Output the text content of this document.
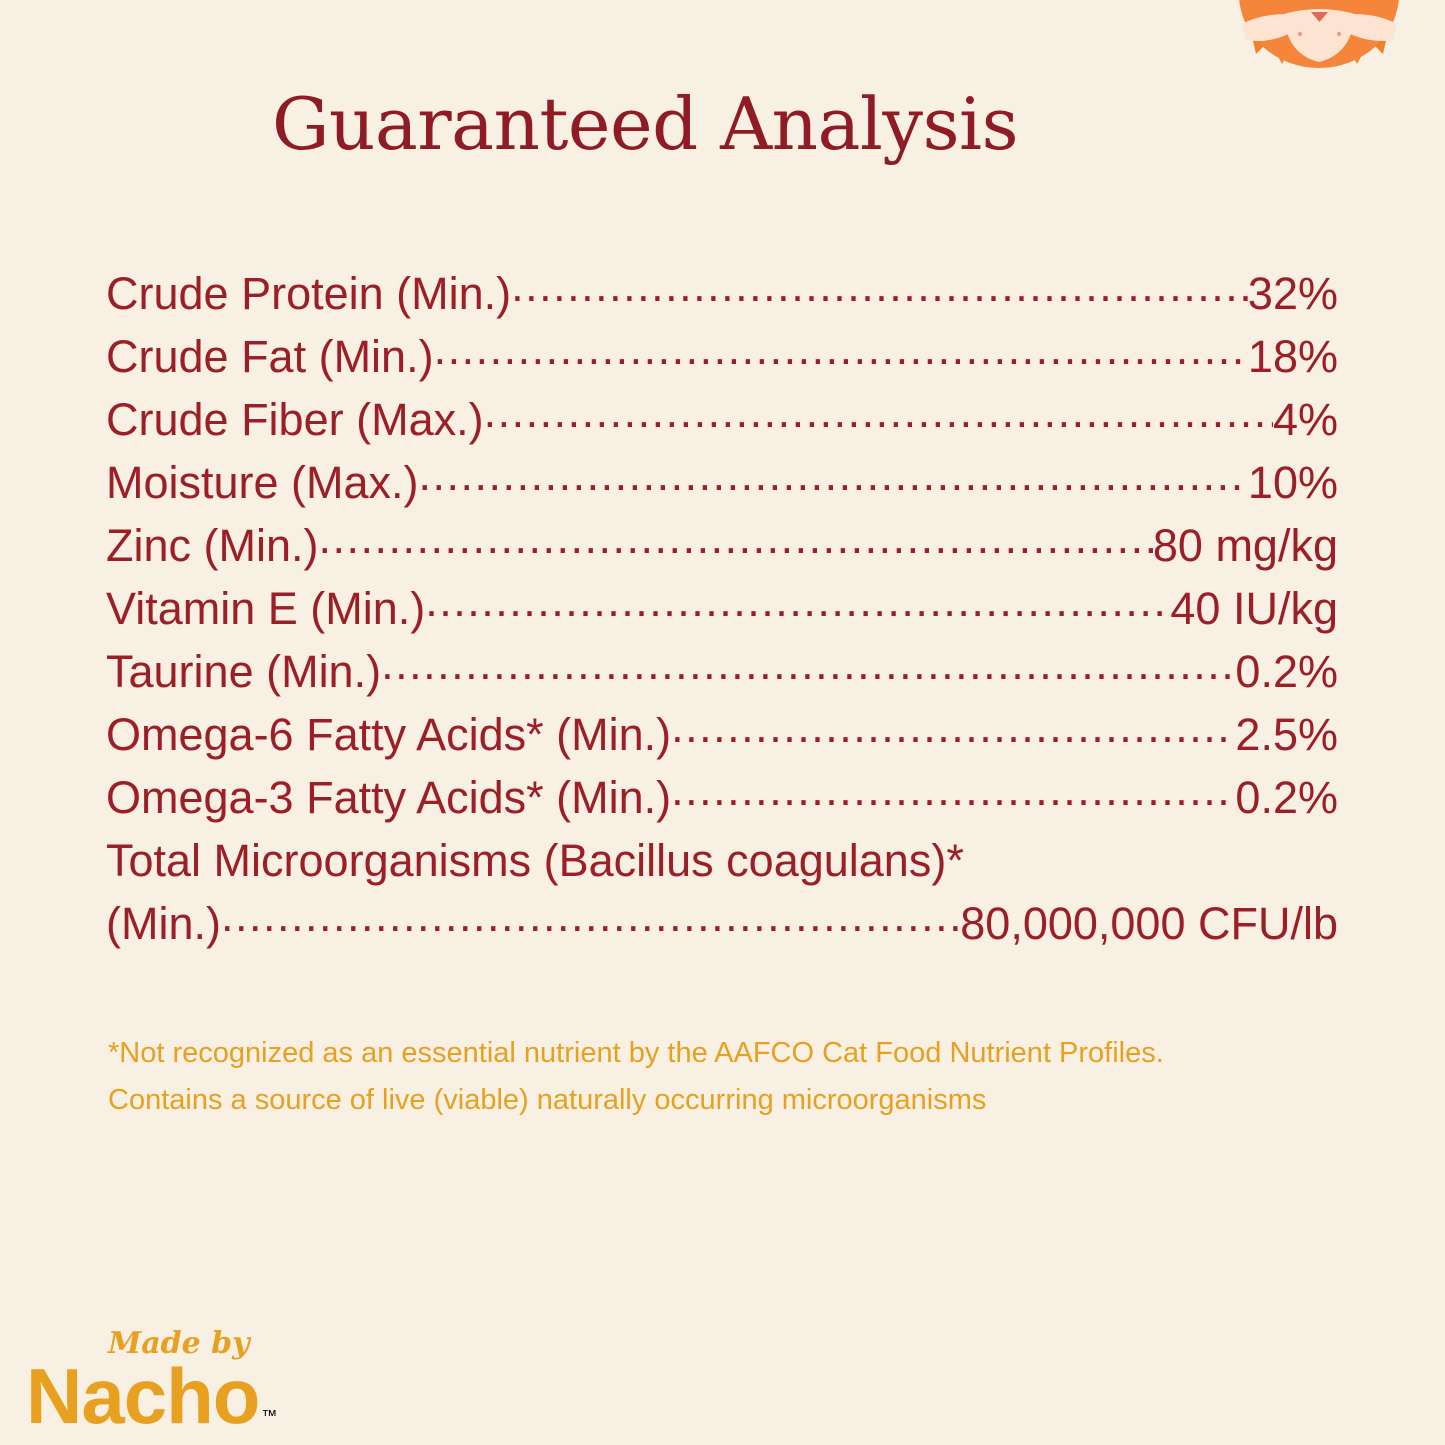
Guaranteed Analysis
Crude Protein (Min.) .....	32%
Crude Fat (Min.) .....	18%
Crude Fiber (Max.) .....	4%
Moisture (Max.) .....	10%
Zinc (Min.) .....	80 mg/kg
Vitamin E (Min.) .....	40 IU/kg
Taurine (Min.) .....	0.2%
Omega-6 Fatty Acids* (Min.) .....	2.5%
Omega-3 Fatty Acids* (Min.) .....	0.2%
Total Microorganisms (Bacillus coagulans)*
(Min.) .....	80,000,000 CFU/lb
*Not recognized as an essential nutrient by the AAFCO Cat Food Nutrient Profiles.
Contains a source of live (viable) naturally occurring microorganisms
Made by
Nacho ™
